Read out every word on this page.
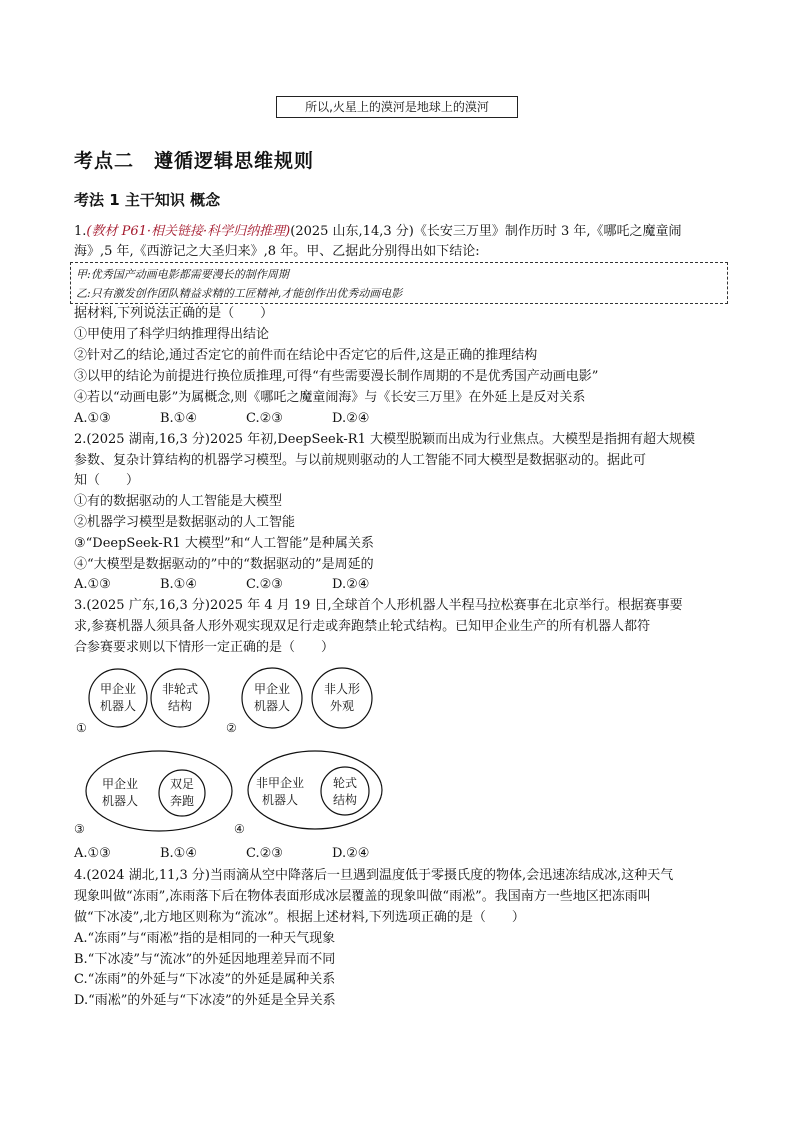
所以,火星上的漠河是地球上的漠河
考点二　遵循逻辑思维规则
考法 1 主干知识 概念
1.(教材 P61·相关链接·科学归纳推理)(2025 山东,14,3 分)《长安三万里》制作历时 3 年,《哪吒之魔童闹
海》,5 年,《西游记之大圣归来》,8 年。甲、乙据此分别得出如下结论:
甲:优秀国产动画电影都需要漫长的制作周期
乙:只有激发创作团队精益求精的工匠精神,才能创作出优秀动画电影
据材料,下列说法正确的是（　　）
①甲使用了科学归纳推理得出结论
②针对乙的结论,通过否定它的前件而在结论中否定它的后件,这是正确的推理结构
③以甲的结论为前提进行换位质推理,可得“有些需要漫长制作周期的不是优秀国产动画电影”
④若以“动画电影”为属概念,则《哪吒之魔童闹海》与《长安三万里》在外延上是反对关系
A.①③	B.①④	C.②③	D.②④
2.(2025 湖南,16,3 分)2025 年初,DeepSeek-R1 大模型脱颖而出成为行业焦点。大模型是指拥有超大规模
参数、复杂计算结构的机器学习模型。与以前规则驱动的人工智能不同大模型是数据驱动的。据此可
知（　　）
①有的数据驱动的人工智能是大模型
②机器学习模型是数据驱动的人工智能
③“DeepSeek-R1 大模型”和“人工智能”是种属关系
④“大模型是数据驱动的”中的“数据驱动的”是周延的
A.①③	B.①④	C.②③	D.②④
3.(2025 广东,16,3 分)2025 年 4 月 19 日,全球首个人形机器人半程马拉松赛事在北京举行。根据赛事要
求,参赛机器人须具备人形外观实现双足行走或奔跑禁止轮式结构。已知甲企业生产的所有机器人都符
合参赛要求则以下情形一定正确的是（　　）
甲企业
机器人
非轮式
结构
①
甲企业
机器人
非人形
外观
②
甲企业
机器人
双足
奔跑
③
非甲企业
机器人
轮式
结构
④
A.①③	B.①④	C.②③	D.②④
4.(2024 湖北,11,3 分)当雨滴从空中降落后一旦遇到温度低于零摄氏度的物体,会迅速冻结成冰,这种天气
现象叫做“冻雨”,冻雨落下后在物体表面形成冰层覆盖的现象叫做“雨凇”。我国南方一些地区把冻雨叫
做“下冰凌”,北方地区则称为“流冰”。根据上述材料,下列选项正确的是（　　）
A.“冻雨”与“雨凇”指的是相同的一种天气现象
B.“下冰凌”与“流冰”的外延因地理差异而不同
C.“冻雨”的外延与“下冰凌”的外延是属种关系
D.“雨凇”的外延与“下冰凌”的外延是全异关系
